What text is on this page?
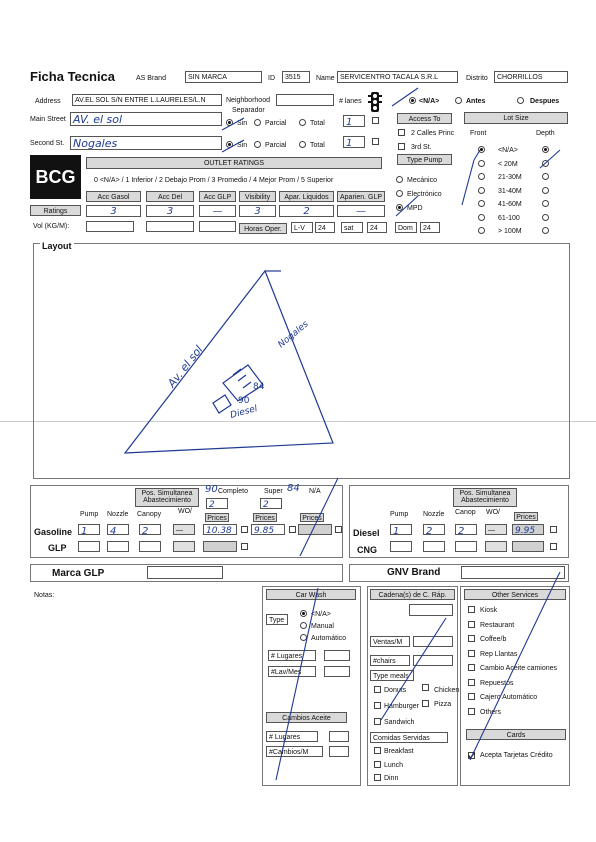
Ficha Tecnica	AS Brand	SIN MARCA	ID	3515	Name SERVICENTRO TACALA S.R.L	Distrito	CHORRILLOS
Address	AV.EL SOL S/N ENTRE L.LAURELES/L.N	Neighborhood
Separador
# lanes	<N/A>	Antes	Despues
Main Street AV. el sol	Sin	Parcial	Total	1
Second St. Nogales	Sin	Parcial	Total	1
Access To
2 Calles Princ
3rd St.
Type Pump
Mecánico
Electrónico
MPD
Lot Size
Front	Depth
<N/A>
< 20M
21-30M
31-40M
41-60M
61-100
> 100M
BCG
OUTLET RATINGS
0 <N/A> / 1 Inferior / 2 Debajo Prom / 3 Promedio / 4 Mejor Prom / 5 Superior
Acc Gasol
3
Acc Del
3
Acc GLP
—
Visibility
3
Apar. Liquidos
2
Aparien. GLP
—
Ratings
Vol (KG/M):	Horas Oper.	L-V	24	sat	24	Dom	24
Layout
Av. el sol
Nogales
84
90
Diesel
Pos. Simultanea
Abastecimiento
90 Completo Super 84 N/A
2	2
Pump Nozzle Canopy WO/
Prices	Prices	Prices
Gasoline 1	4	2	—	10.38	9.85
GLP
Pos. Simultanea
Abastecimiento
Pump Nozzle Canop WO/
Prices
Diesel	1	2	2	—	9.95
CNG
Marca GLP	GNV Brand
Notas:	Car Wash
Type
<N/A>
Manual
Automático
# Lugares
#Lav/Mes
Cambios Aceite
# Lugares
#Cambios/M
Cadena(s) de C. Ráp.
Ventas/M
#chairs
Type meals
Donuts	Chicken
Hamburger Pizza
Sandwich
Comidas Servidas
Breakfast
Lunch
Dinn
Other Services
Kiosk
Restaurant
Coffee/b
Rep Llantas
Cambio Aceite camiones
Repuestos
Cajero Automático
Others
Cards
Acepta Tarjetas Crédito
